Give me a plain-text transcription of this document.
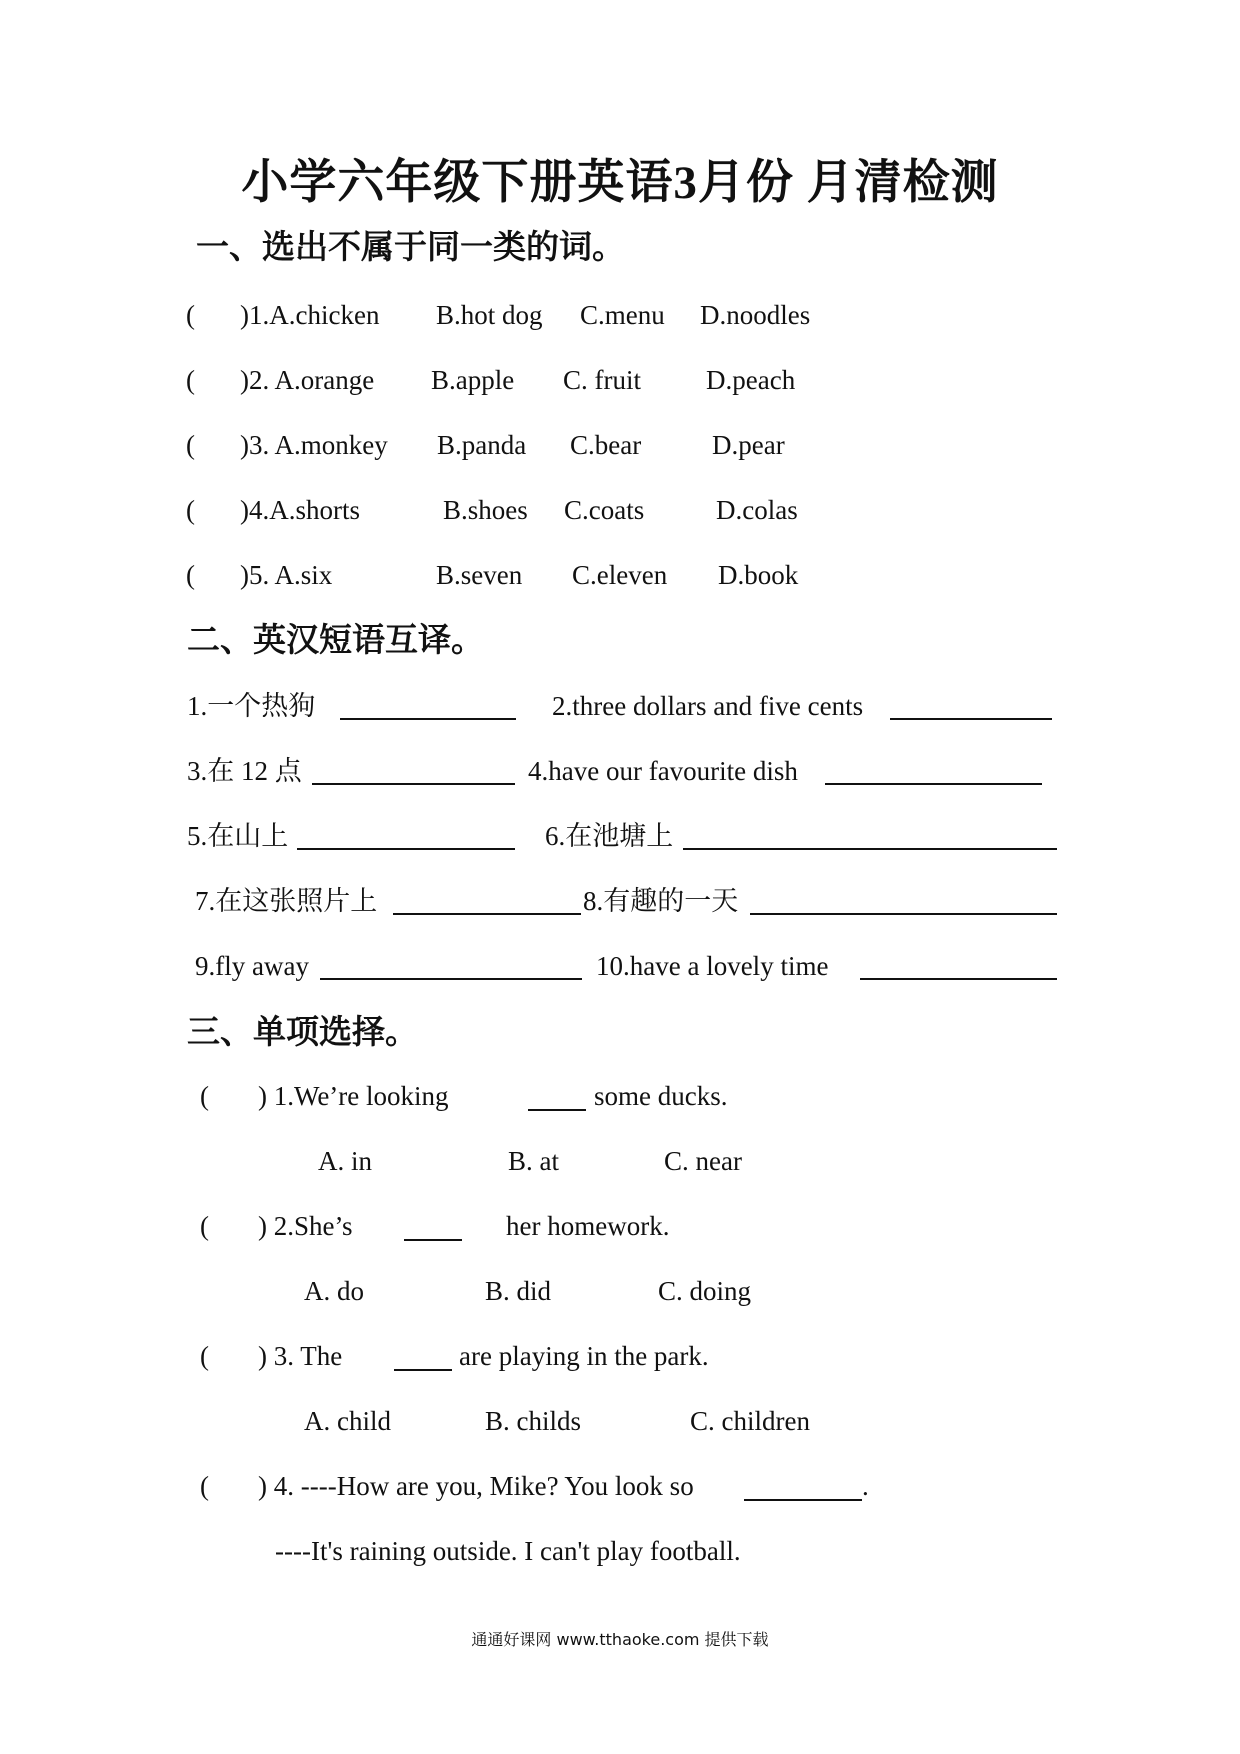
小学六年级下册英语3月份 月清检测
一、选出不属于同一类的词。
( )1.A.chicken B.hot dog C.menu D.noodles
( )2. A.orange B.apple C. fruit D.peach
( )3. A.monkey B.panda C.bear	D.pear
( )4.A.shorts	B.shoes C.coats	D.colas
( )5. A.six	B.seven C.eleven D.book
二、英汉短语互译。
1.一个热狗	2.three dollars and five cents
3.在 12 点	4.have our favourite dish
5.在山上	6.在池塘上
7.在这张照片上	8.有趣的一天
9.fly away	10.have a lovely time
三、单项选择。
( ) 1.We’re looking	some ducks.
A. in	B. at	C. near
( ) 2.She’s	her homework.
A. do	B. did	C. doing
( ) 3. The	are playing in the park.
A. child	B. childs	C. children
( ) 4. ----How are you, Mike? You look so	.
----It's raining outside. I can't play football.
通通好课网 www.tthaoke.com 提供下载
